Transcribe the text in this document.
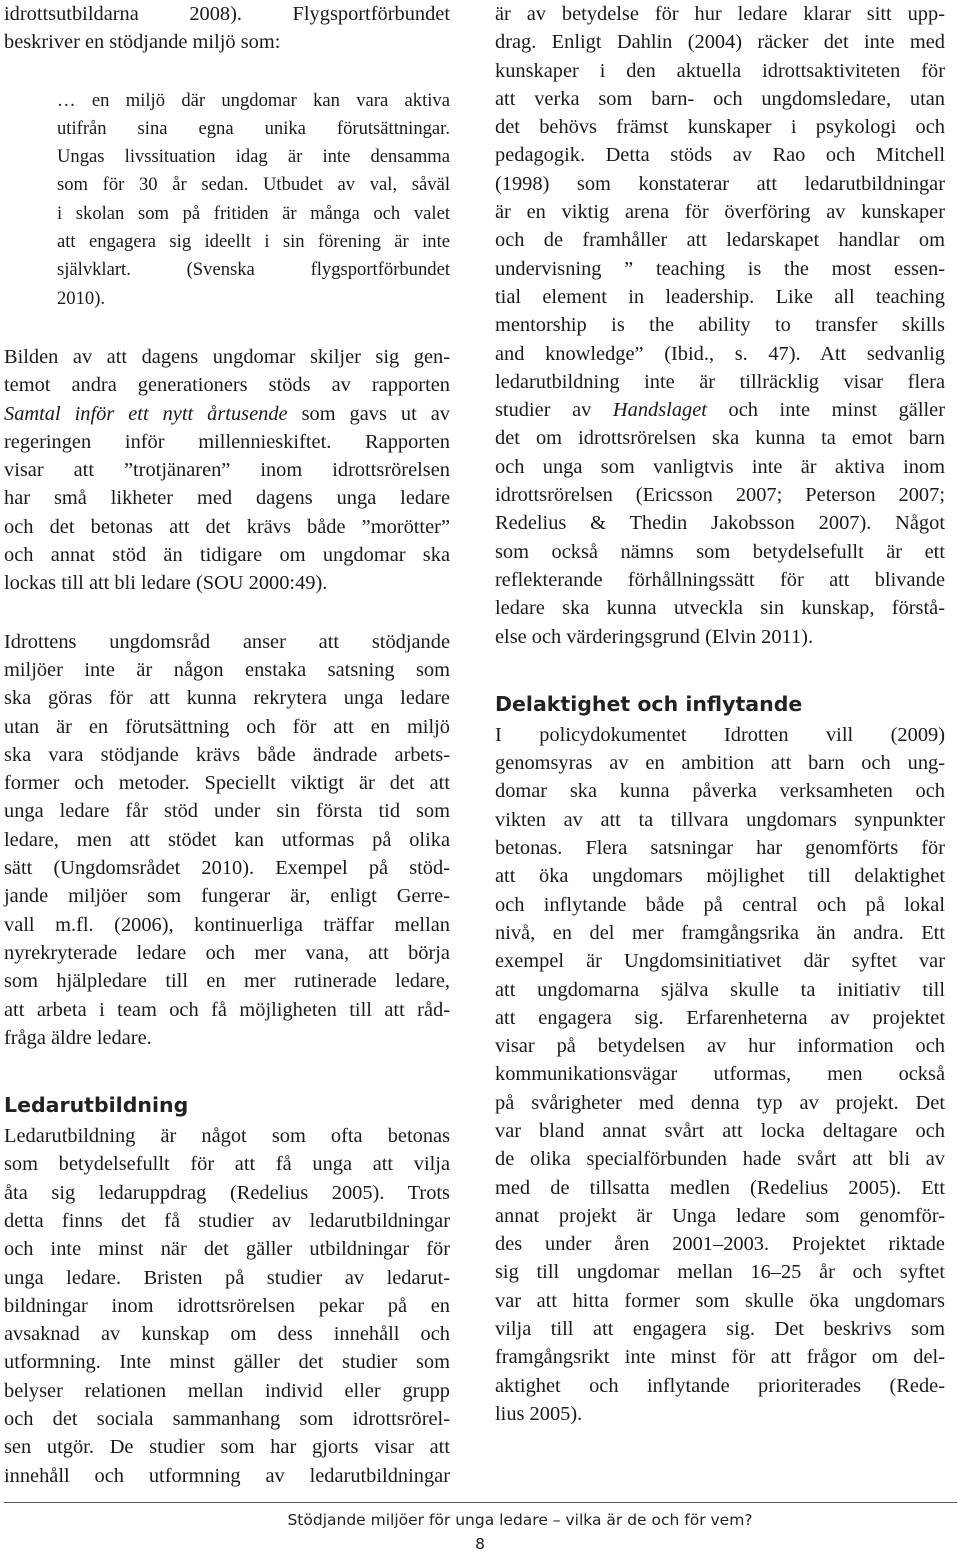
idrottsutbildarna 2008). Flygsportförbundet
beskriver en stödjande miljö som:
… en miljö där ungdomar kan vara aktiva
utifrån sina egna unika förutsättningar.
Ungas livssituation idag är inte densamma
som för 30 år sedan. Utbudet av val, såväl
i skolan som på fritiden är många och valet
att engagera sig ideellt i sin förening är inte
självklart. (Svenska flygsportförbundet
2010).
Bilden av att dagens ungdomar skiljer sig gen-
temot andra generationers stöds av rapporten
Samtal inför ett nytt årtusende som gavs ut av
regeringen inför millennieskiftet. Rapporten
visar att ”trotjänaren” inom idrottsrörelsen
har små likheter med dagens unga ledare
och det betonas att det krävs både ”morötter”
och annat stöd än tidigare om ungdomar ska
lockas till att bli ledare (SOU 2000:49).
Idrottens ungdomsråd anser att stödjande
miljöer inte är någon enstaka satsning som
ska göras för att kunna rekrytera unga ledare
utan är en förutsättning och för att en miljö
ska vara stödjande krävs både ändrade arbets-
former och metoder. Speciellt viktigt är det att
unga ledare får stöd under sin första tid som
ledare, men att stödet kan utformas på olika
sätt (Ungdomsrådet 2010). Exempel på stöd-
jande miljöer som fungerar är, enligt Gerre-
vall m.fl. (2006), kontinuerliga träffar mellan
nyrekryterade ledare och mer vana, att börja
som hjälpledare till en mer rutinerade ledare,
att arbeta i team och få möjligheten till att råd-
fråga äldre ledare.
Ledarutbildning
Ledarutbildning är något som ofta betonas
som betydelsefullt för att få unga att vilja
åta sig ledaruppdrag (Redelius 2005). Trots
detta finns det få studier av ledarutbildningar
och inte minst när det gäller utbildningar för
unga ledare. Bristen på studier av ledarut-
bildningar inom idrottsrörelsen pekar på en
avsaknad av kunskap om dess innehåll och
utformning. Inte minst gäller det studier som
belyser relationen mellan individ eller grupp
och det sociala sammanhang som idrottsrörel-
sen utgör. De studier som har gjorts visar att
innehåll och utformning av ledarutbildningar
är av betydelse för hur ledare klarar sitt upp-
drag. Enligt Dahlin (2004) räcker det inte med
kunskaper i den aktuella idrottsaktiviteten för
att verka som barn- och ungdomsledare, utan
det behövs främst kunskaper i psykologi och
pedagogik. Detta stöds av Rao och Mitchell
(1998) som konstaterar att ledarutbildningar
är en viktig arena för överföring av kunskaper
och de framhåller att ledarskapet handlar om
undervisning ” teaching is the most essen-
tial element in leadership. Like all teaching
mentorship is the ability to transfer skills
and knowledge” (Ibid., s. 47). Att sedvanlig
ledarutbildning inte är tillräcklig visar flera
studier av Handslaget och inte minst gäller
det om idrottsrörelsen ska kunna ta emot barn
och unga som vanligtvis inte är aktiva inom
idrottsrörelsen (Ericsson 2007; Peterson 2007;
Redelius & Thedin Jakobsson 2007). Något
som också nämns som betydelsefullt är ett
reflekterande förhållningssätt för att blivande
ledare ska kunna utveckla sin kunskap, förstå-
else och värderingsgrund (Elvin 2011).
Delaktighet och inflytande
I policydokumentet Idrotten vill (2009)
genomsyras av en ambition att barn och ung-
domar ska kunna påverka verksamheten och
vikten av att ta tillvara ungdomars synpunkter
betonas. Flera satsningar har genomförts för
att öka ungdomars möjlighet till delaktighet
och inflytande både på central och på lokal
nivå, en del mer framgångsrika än andra. Ett
exempel är Ungdomsinitiativet där syftet var
att ungdomarna själva skulle ta initiativ till
att engagera sig. Erfarenheterna av projektet
visar på betydelsen av hur information och
kommunikationsvägar utformas, men också
på svårigheter med denna typ av projekt. Det
var bland annat svårt att locka deltagare och
de olika specialförbunden hade svårt att bli av
med de tillsatta medlen (Redelius 2005). Ett
annat projekt är Unga ledare som genomför-
des under åren 2001–2003. Projektet riktade
sig till ungdomar mellan 16–25 år och syftet
var att hitta former som skulle öka ungdomars
vilja till att engagera sig. Det beskrivs som
framgångsrikt inte minst för att frågor om del-
aktighet och inflytande prioriterades (Rede-
lius 2005).
Stödjande miljöer för unga ledare – vilka är de och för vem?
8
